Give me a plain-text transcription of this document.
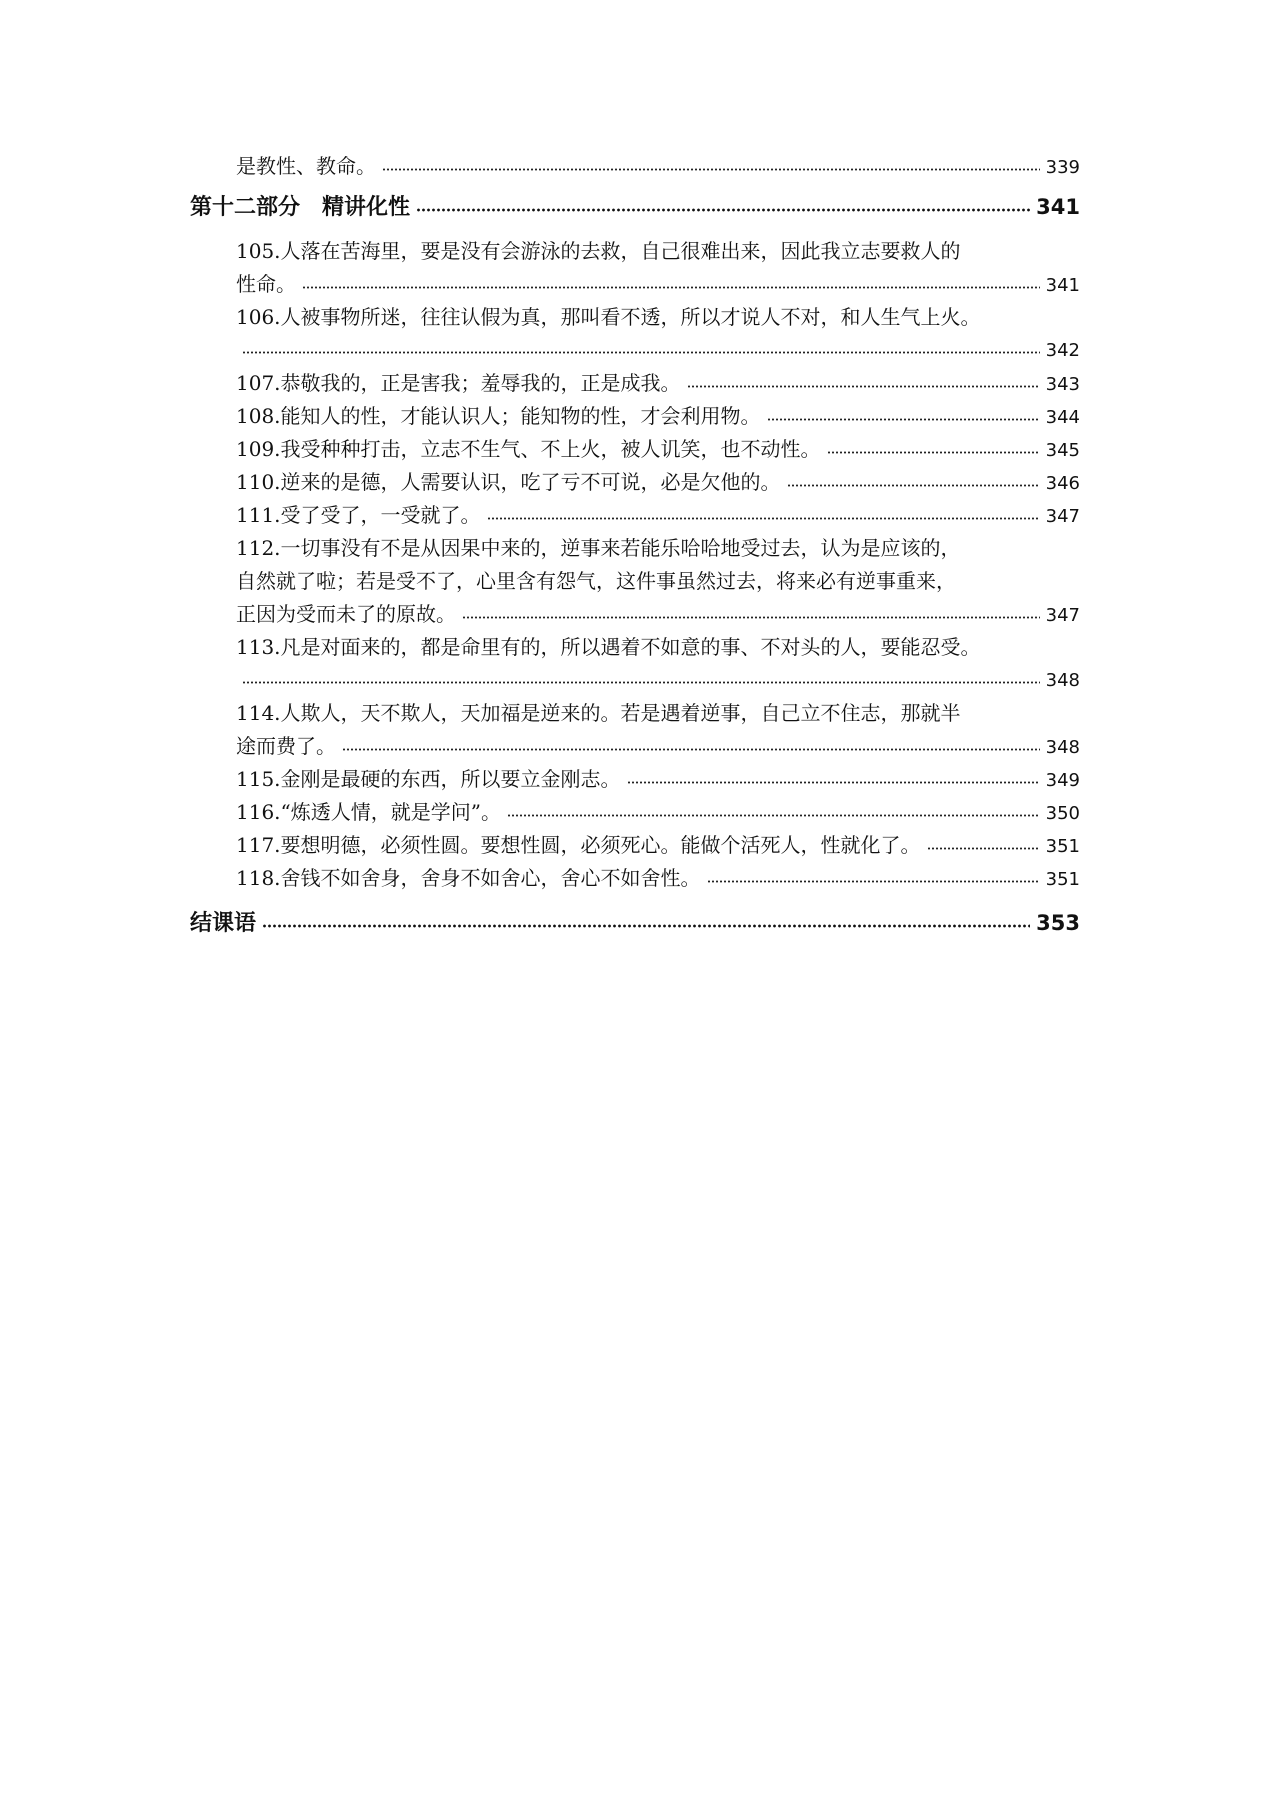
是教性、教命。	339
第十二部分　精讲化性	341
105.人落在苦海里，要是没有会游泳的去救，自己很难出来，因此我立志要救人的
性命。	341
106.人被事物所迷，往往认假为真，那叫看不透，所以才说人不对，和人生气上火。
342
107.恭敬我的，正是害我；羞辱我的，正是成我。	343
108.能知人的性，才能认识人；能知物的性，才会利用物。	344
109.我受种种打击，立志不生气、不上火，被人讥笑，也不动性。	345
110.逆来的是德，人需要认识，吃了亏不可说，必是欠他的。	346
111.受了受了，一受就了。	347
112.一切事没有不是从因果中来的，逆事来若能乐哈哈地受过去，认为是应该的，
自然就了啦；若是受不了，心里含有怨气，这件事虽然过去，将来必有逆事重来，
正因为受而未了的原故。	347
113.凡是对面来的，都是命里有的，所以遇着不如意的事、不对头的人，要能忍受。
348
114.人欺人，天不欺人，天加福是逆来的。若是遇着逆事，自己立不住志，那就半
途而费了。	348
115.金刚是最硬的东西，所以要立金刚志。	349
116.“炼透人情，就是学问”。	350
117.要想明德，必须性圆。要想性圆，必须死心。能做个活死人，性就化了。	351
118.舍钱不如舍身，舍身不如舍心，舍心不如舍性。	351
结课语	353
